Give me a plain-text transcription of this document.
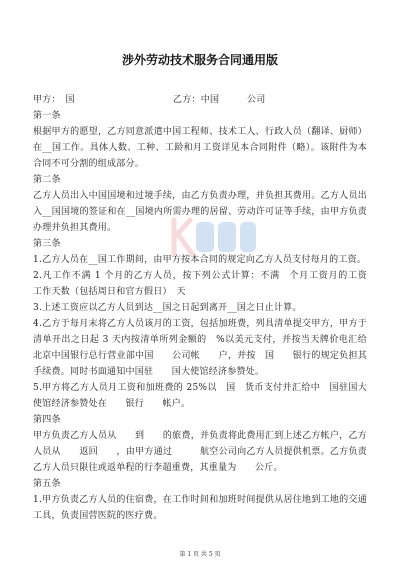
涉外劳动技术服务合同通用版
甲方：　国	乙方：中国　　　公司

第一条

根据甲方的愿望，乙方同意派遣中国工程师、技术工人、行政人员（翻译、厨师）在__国工作。具体人数、工种、工龄和月工资详见本合同附件（略）。该附件为本合同不可分割的组成部分。

第二条

乙方人员出入中国国境和过境手续，由乙方负责办理，并负担其费用。乙方人员出入__国国境的签证和在__国境内所需办理的居留、劳动许可证等手续，由甲方负责办理并负担其费用。

第三条

1.乙方人员在__国工作期间，由甲方按本合同的规定向乙方人员支付每月的工资。

2.凡工作不满 1 个月的乙方人员，按下列公式计算：不满　个月工资月的工资　　工作天数（包括周日和官方假日）　天

3.上述工资应以乙方人员到达__国之日起到离开__国之日止计算。

4.乙方于每月末将乙方人员该月的工资，包括加班费，列具清单提交甲方，甲方于清单开出之日起 3 天内按清单所列金额的　%以美元支付，并按当天牌价电汇给北京中国银行总行营业部中国　　公司帐　　户，并按　国　　银行的规定负担其手续费。同时书面通知中国驻　　国大使馆经济参赞处。

5.甲方将乙方人员月工资和加班费的 25%以　国　货币支付并汇给中　国驻国大使馆经济参赞处在　　银行　　帐户。

第四条

甲方负责乙方人员从　　到　　的旅费，并负责将此费用汇到上述乙方帐户，乙方人员从　　返回　　，由甲方通过　　　航空公司向乙方人员提供机票。乙方负责乙方人员只限往或返单程的行李超重费，其重量为　　公斤。

第五条

1.甲方负责乙方人员的住宿费，在工作时间和加班时间提供从居住地到工地的交通工具，负责国营医院的医疗费。

第 1 页 共 5 页
